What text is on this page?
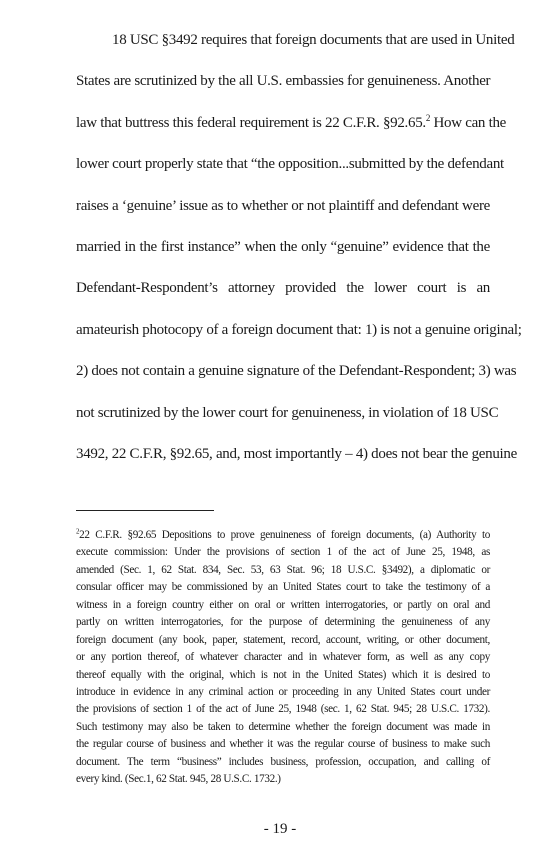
18 USC §3492 requires that foreign documents that are used in United
States are scrutinized by the all U.S. embassies for genuineness. Another
law that buttress this federal requirement is 22 C.F.R. §92.65.$^2$ How can the
lower court properly state that “the opposition...submitted by the defendant
raises a ‘genuine’ issue as to whether or not plaintiff and defendant were
married in the first instance” when the only “genuine” evidence that the
Defendant-Respondent’s attorney provided the lower court is an
amateurish photocopy of a foreign document that: 1) is not a genuine original;
2) does not contain a genuine signature of the Defendant-Respondent; 3) was
not scrutinized by the lower court for genuineness, in violation of 18 USC
3492, 22 C.F.R, §92.65, and, most importantly – 4) does not bear the genuine
$^2$22 C.F.R. §92.65 Depositions to prove genuineness of foreign documents, (a) Authority to
execute commission: Under the provisions of section 1 of the act of June 25, 1948, as
amended (Sec. 1, 62 Stat. 834, Sec. 53, 63 Stat. 96; 18 U.S.C. §3492), a diplomatic or
consular officer may be commissioned by an United States court to take the testimony of a
witness in a foreign country either on oral or written interrogatories, or partly on oral and
partly on written interrogatories, for the purpose of determining the genuineness of any
foreign document (any book, paper, statement, record, account, writing, or other document,
or any portion thereof, of whatever character and in whatever form, as well as any copy
thereof equally with the original, which is not in the United States) which it is desired to
introduce in evidence in any criminal action or proceeding in any United States court under
the provisions of section 1 of the act of June 25, 1948 (sec. 1, 62 Stat. 945; 28 U.S.C. 1732).
Such testimony may also be taken to determine whether the foreign document was made in
the regular course of business and whether it was the regular course of business to make such
document. The term “business” includes business, profession, occupation, and calling of
every kind. (Sec.1, 62 Stat. 945, 28 U.S.C. 1732.)
- 19 -
